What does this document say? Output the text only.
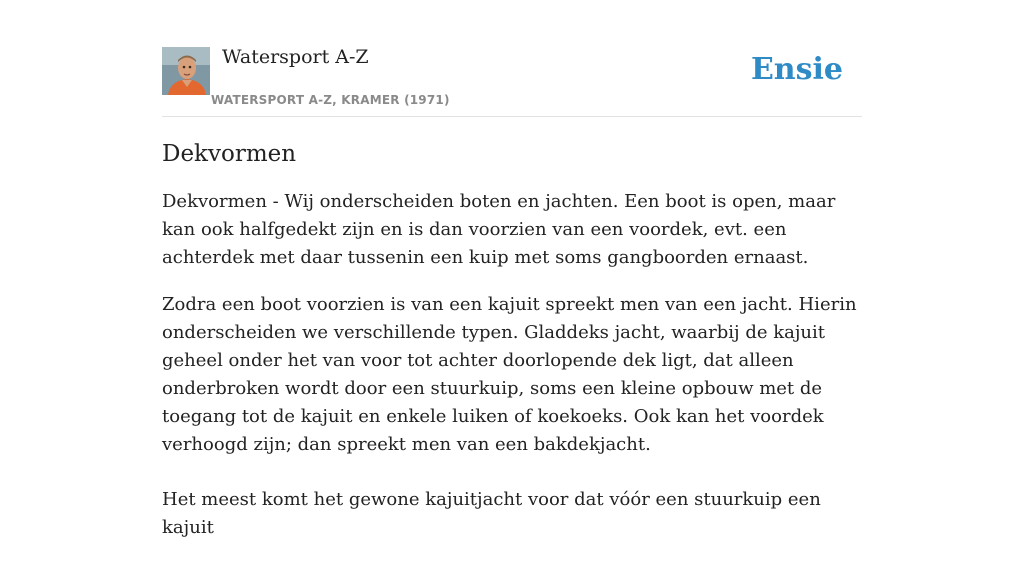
Watersport A-Z
WATERSPORT A-Z, KRAMER (1971)
Ensie
Dekvormen

Dekvormen - Wij onderscheiden boten en jachten. Een boot is open, maar kan ook halfgedekt zijn en is dan voorzien van een voordek, evt. een achterdek met daar tussenin een kuip met soms gangboorden ernaast.

Zodra een boot voorzien is van een kajuit spreekt men van een jacht. Hierin onderscheiden we verschillende typen. Gladdeks jacht, waarbij de kajuit geheel onder het van voor tot achter doorlopende dek ligt, dat alleen onderbroken wordt door een stuurkuip, soms een kleine opbouw met de toegang tot de kajuit en enkele luiken of koekoeks. Ook kan het voordek verhoogd zijn; dan spreekt men van een bakdekjacht.

Het meest komt het gewone kajuitjacht voor dat vóór een stuurkuip een kajuit
